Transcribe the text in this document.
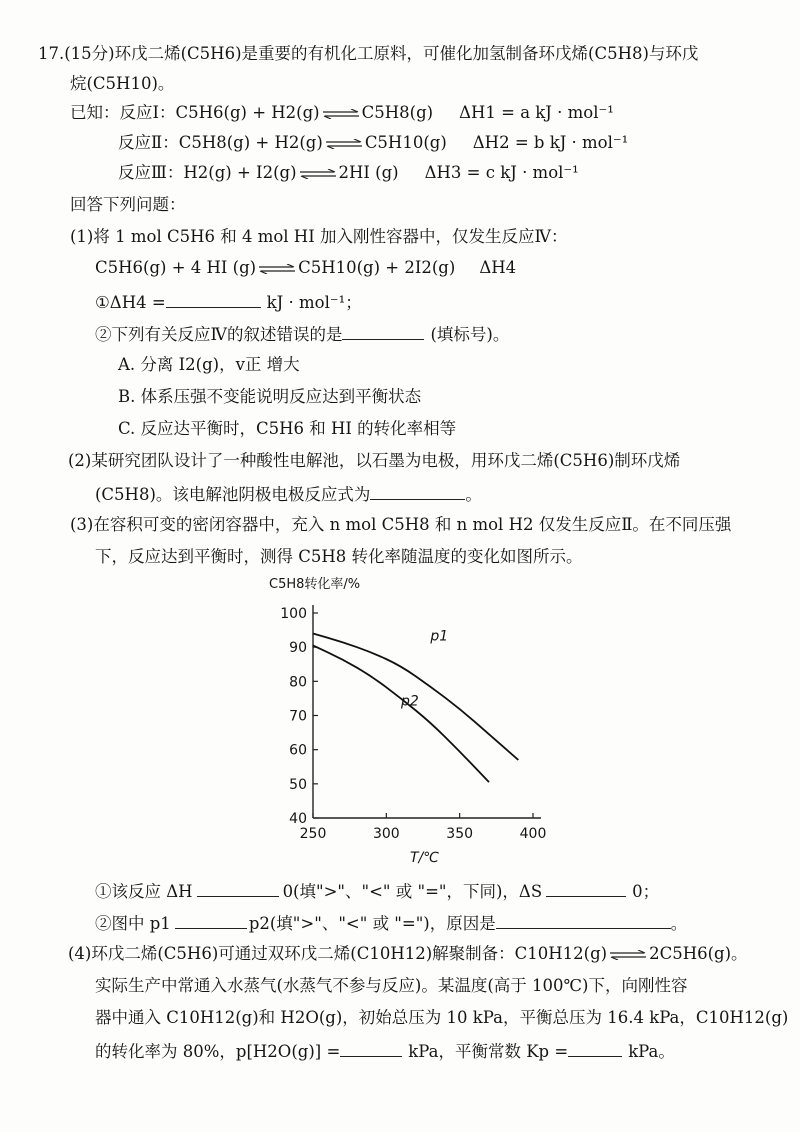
17.(15分)环戊二烯(C5H6)是重要的有机化工原料，可催化加氢制备环戊烯(C5H8)与环戊
烷(C5H10)。
已知：反应Ⅰ：C5H6(g) + H2(g) ⇌ C5H8(g) ΔH1 = a kJ · mol⁻¹
反应Ⅱ：C5H8(g) + H2(g) ⇌ C5H10(g) ΔH2 = b kJ · mol⁻¹
反应Ⅲ：H2(g) + I2(g) ⇌ 2HI (g) ΔH3 = c kJ · mol⁻¹
回答下列问题：
(1)将 1 mol C5H6 和 4 mol HI 加入刚性容器中，仅发生反应Ⅳ：
C5H6(g) + 4 HI (g) ⇌ C5H10(g) + 2I2(g) ΔH4
①ΔH4 =	kJ · mol⁻¹；
②下列有关反应Ⅳ的叙述错误的是	(填标号)。
A. 分离 I2(g)，v正 增大
B. 体系压强不变能说明反应达到平衡状态
C. 反应达平衡时，C5H6 和 HI 的转化率相等
(2)某研究团队设计了一种酸性电解池，以石墨为电极，用环戊二烯(C5H6)制环戊烯
(C5H8)。该电解池阴极电极反应式为	。
(3)在容积可变的密闭容器中，充入 n mol C5H8 和 n mol H2 仅发生反应Ⅱ。在不同压强
下，反应达到平衡时，测得 C5H8 转化率随温度的变化如图所示。
C5H8转化率/%
T/℃
40
50
60
70
80
90
100
250	300	350	400
p1
p2
①该反应 ΔH	0(填">"、"<" 或 "="，下同)，ΔS	0；
②图中 p1	p2(填">"、"<" 或 "=")，原因是	。
(4)环戊二烯(C5H6)可通过双环戊二烯(C10H12)解聚制备：C10H12(g) ⇌ 2C5H6(g)。
实际生产中常通入水蒸气(水蒸气不参与反应)。某温度(高于 100℃)下，向刚性容
器中通入 C10H12(g)和 H2O(g)，初始总压为 10 kPa，平衡总压为 16.4 kPa，C10H12(g)
的转化率为 80%，p[H2O(g)] =	kPa，平衡常数 Kp =	kPa。
